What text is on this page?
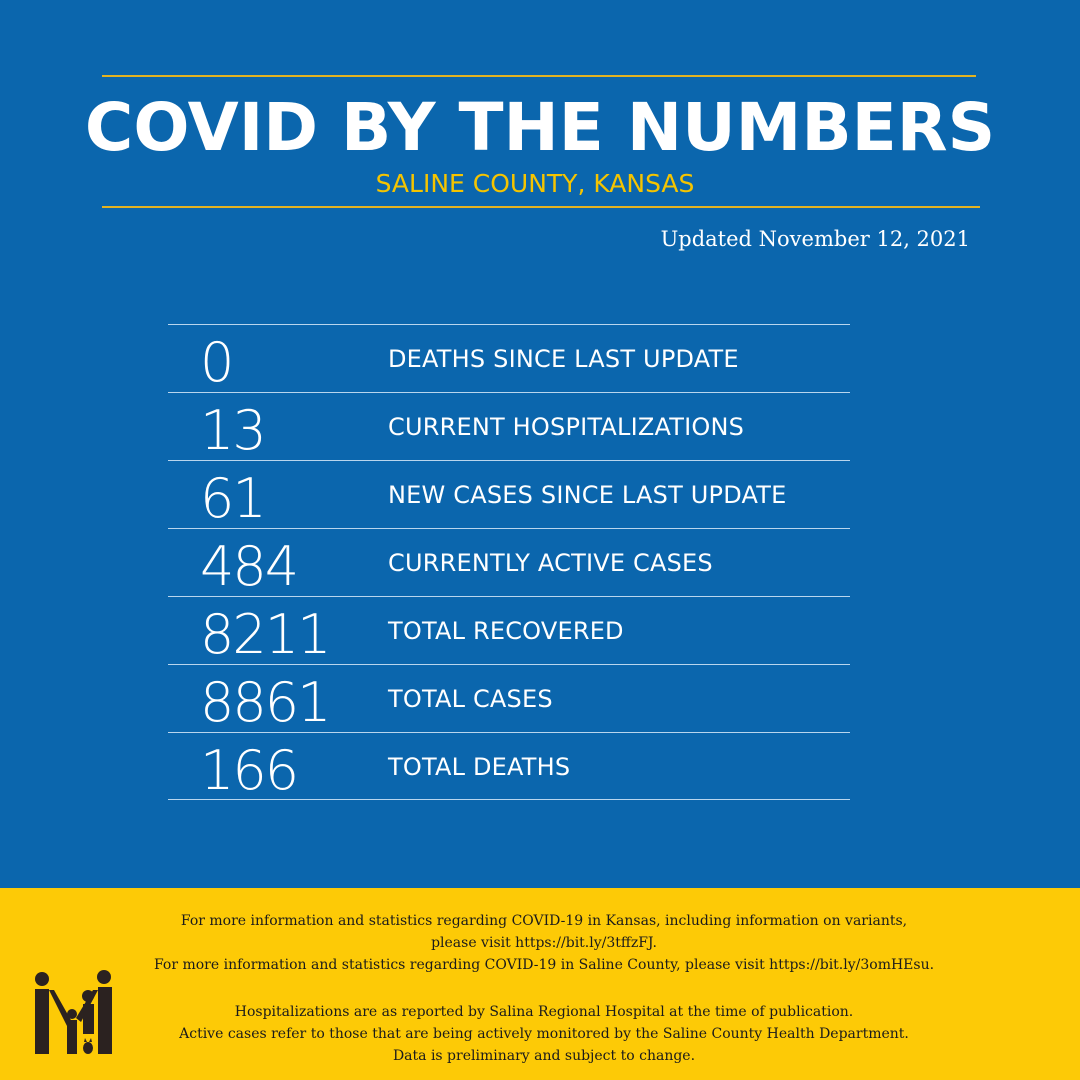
COVID BY THE NUMBERS
SALINE COUNTY, KANSAS
Updated November 12, 2021
0	DEATHS SINCE LAST UPDATE
13	CURRENT HOSPITALIZATIONS
61	NEW CASES SINCE LAST UPDATE
484	CURRENTLY ACTIVE CASES
8211 TOTAL RECOVERED
8861 TOTAL CASES
166	TOTAL DEATHS

For more information and statistics regarding COVID-19 in Kansas, including information on variants,

please visit https://bit.ly/3tffzFJ.

For more information and statistics regarding COVID-19 in Saline County, please visit https://bit.ly/3omHEsu.

Hospitalizations are as reported by Salina Regional Hospital at the time of publication.

Active cases refer to those that are being actively monitored by the Saline County Health Department.

Data is preliminary and subject to change.
